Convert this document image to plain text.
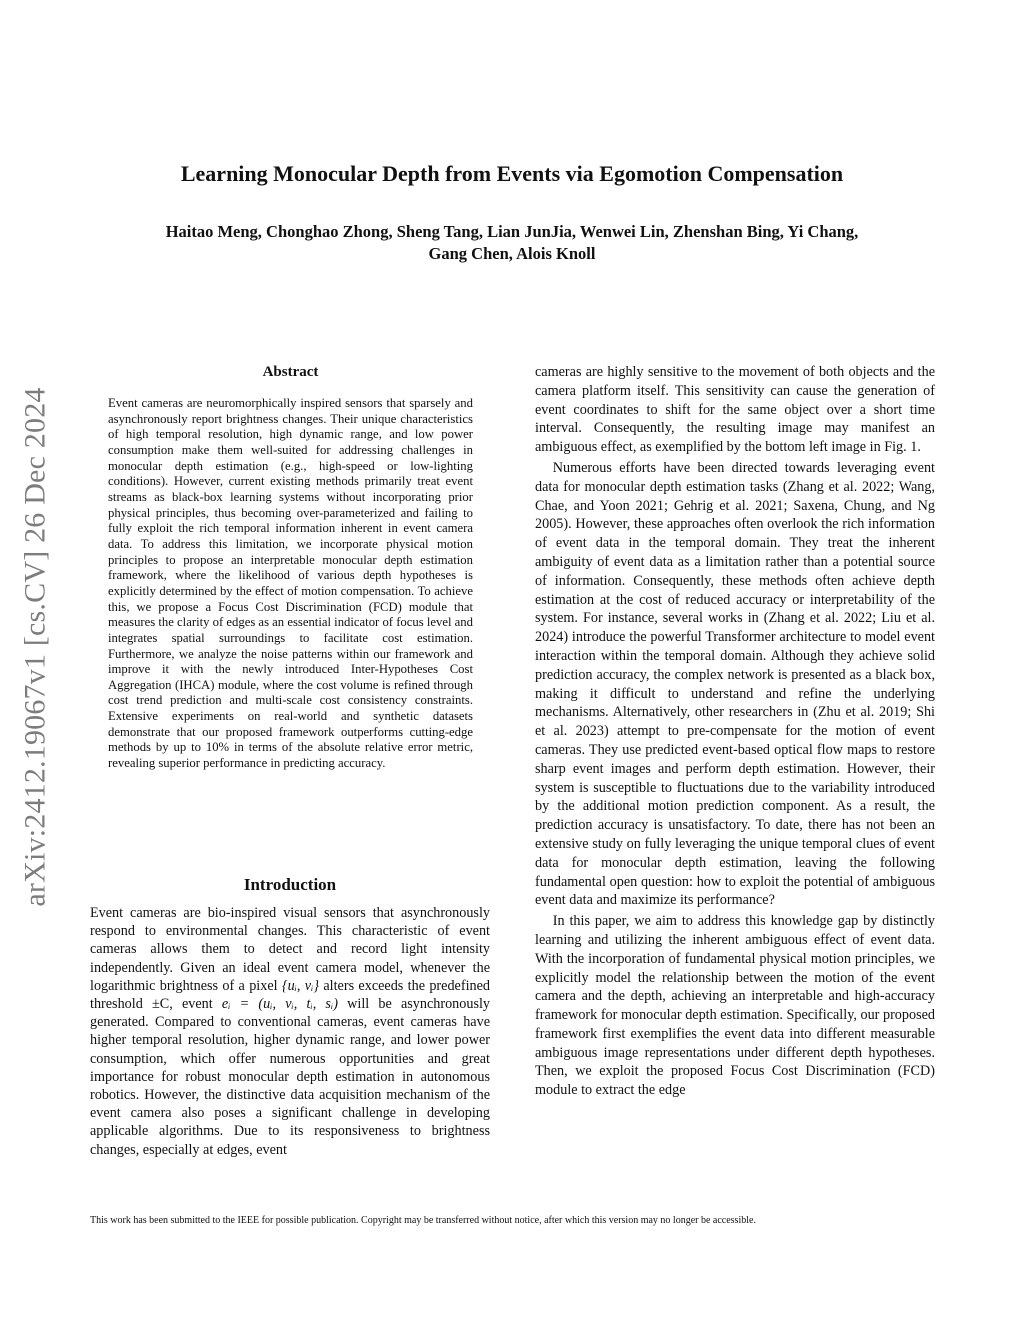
arXiv:2412.19067v1 [cs.CV] 26 Dec 2024
Learning Monocular Depth from Events via Egomotion Compensation
Haitao Meng, Chonghao Zhong, Sheng Tang, Lian JunJia, Wenwei Lin, Zhenshan Bing, Yi Chang,
Gang Chen, Alois Knoll
Abstract
Event cameras are neuromorphically inspired sensors that sparsely and asynchronously report brightness changes. Their unique characteristics of high temporal resolution, high dynamic range, and low power consumption make them well-suited for addressing challenges in monocular depth estimation (e.g., high-speed or low-lighting conditions). However, current existing methods primarily treat event streams as black-box learning systems without incorporating prior physical principles, thus becoming over-parameterized and failing to fully exploit the rich temporal information inherent in event camera data. To address this limitation, we incorporate physical motion principles to propose an interpretable monocular depth estimation framework, where the likelihood of various depth hypotheses is explicitly determined by the effect of motion compensation. To achieve this, we propose a Focus Cost Discrimination (FCD) module that measures the clarity of edges as an essential indicator of focus level and integrates spatial surroundings to facilitate cost estimation. Furthermore, we analyze the noise patterns within our framework and improve it with the newly introduced Inter-Hypotheses Cost Aggregation (IHCA) module, where the cost volume is refined through cost trend prediction and multi-scale cost consistency constraints. Extensive experiments on real-world and synthetic datasets demonstrate that our proposed framework outperforms cutting-edge methods by up to 10% in terms of the absolute relative error metric, revealing superior performance in predicting accuracy.
Introduction
Event cameras are bio-inspired visual sensors that asynchronously respond to environmental changes. This characteristic of event cameras allows them to detect and record light intensity independently. Given an ideal event camera model, whenever the logarithmic brightness of a pixel {uᵢ, vᵢ} alters exceeds the predefined threshold ±C, event eᵢ = (uᵢ, vᵢ, tᵢ, sᵢ) will be asynchronously generated. Compared to conventional cameras, event cameras have higher temporal resolution, higher dynamic range, and lower power consumption, which offer numerous opportunities and great importance for robust monocular depth estimation in autonomous robotics. However, the distinctive data acquisition mechanism of the event camera also poses a significant challenge in developing applicable algorithms. Due to its responsiveness to brightness changes, especially at edges, event

cameras are highly sensitive to the movement of both objects and the camera platform itself. This sensitivity can cause the generation of event coordinates to shift for the same object over a short time interval. Consequently, the resulting image may manifest an ambiguous effect, as exemplified by the bottom left image in Fig. 1.

Numerous efforts have been directed towards leveraging event data for monocular depth estimation tasks (Zhang et al. 2022; Wang, Chae, and Yoon 2021; Gehrig et al. 2021; Saxena, Chung, and Ng 2005). However, these approaches often overlook the rich information of event data in the temporal domain. They treat the inherent ambiguity of event data as a limitation rather than a potential source of information. Consequently, these methods often achieve depth estimation at the cost of reduced accuracy or interpretability of the system. For instance, several works in (Zhang et al. 2022; Liu et al. 2024) introduce the powerful Transformer architecture to model event interaction within the temporal domain. Although they achieve solid prediction accuracy, the complex network is presented as a black box, making it difficult to understand and refine the underlying mechanisms. Alternatively, other researchers in (Zhu et al. 2019; Shi et al. 2023) attempt to pre-compensate for the motion of event cameras. They use predicted event-based optical flow maps to restore sharp event images and perform depth estimation. However, their system is susceptible to fluctuations due to the variability introduced by the additional motion prediction component. As a result, the prediction accuracy is unsatisfactory. To date, there has not been an extensive study on fully leveraging the unique temporal clues of event data for monocular depth estimation, leaving the following fundamental open question: how to exploit the potential of ambiguous event data and maximize its performance?

In this paper, we aim to address this knowledge gap by distinctly learning and utilizing the inherent ambiguous effect of event data. With the incorporation of fundamental physical motion principles, we explicitly model the relationship between the motion of the event camera and the depth, achieving an interpretable and high-accuracy framework for monocular depth estimation. Specifically, our proposed framework first exemplifies the event data into different measurable ambiguous image representations under different depth hypotheses. Then, we exploit the proposed Focus Cost Discrimination (FCD) module to extract the edge

This work has been submitted to the IEEE for possible publication. Copyright may be transferred without notice, after which this version may no longer be accessible.
